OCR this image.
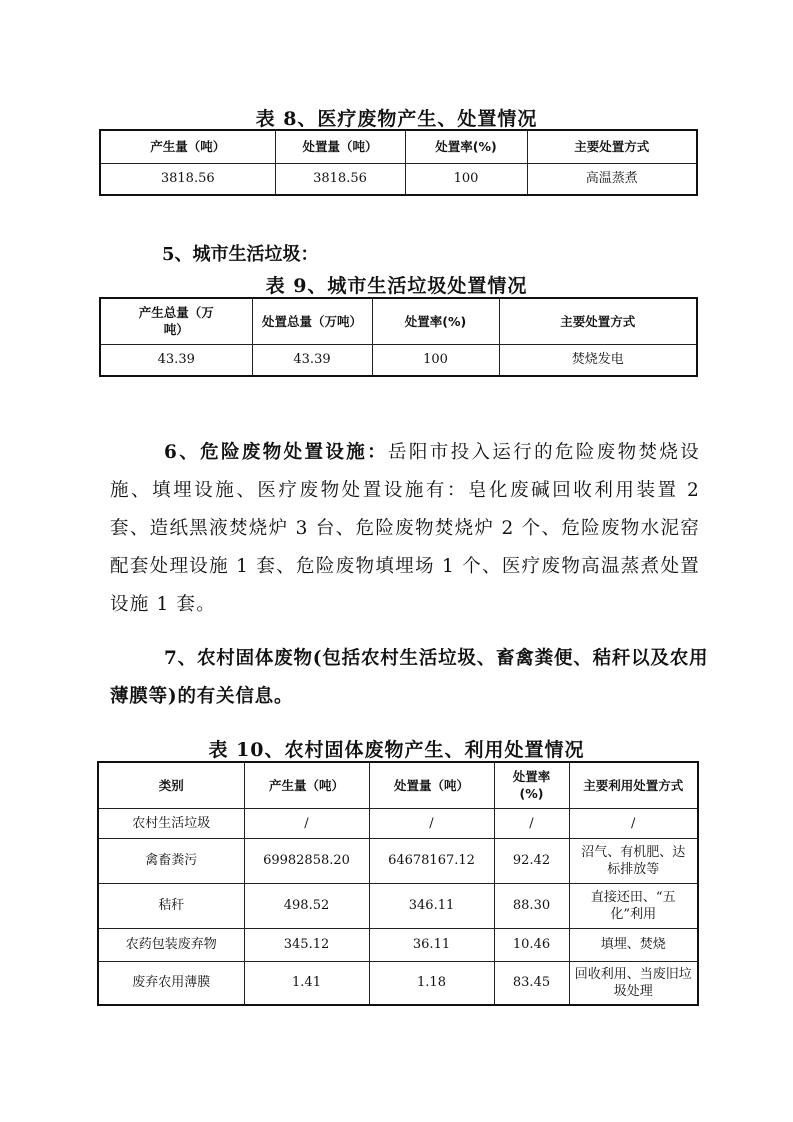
表 8、医疗废物产生、处置情况
产生量（吨）	处置量（吨）	处置率(%)	主要处置方式
3818.56	3818.56	100	高温蒸煮
5、城市生活垃圾：
表 9、城市生活垃圾处置情况
产生总量（万吨）	处置总量（万吨）	处置率(%)	主要处置方式
43.39	43.39	100	焚烧发电
6、危险废物处置设施：岳阳市投入运行的危险废物焚烧设施、填埋设施、医疗废物处置设施有：皂化废碱回收利用装置 2 套、造纸黑液焚烧炉 3 台、危险废物焚烧炉 2 个、危险废物水泥窑配套处理设施 1 套、危险废物填埋场 1 个、医疗废物高温蒸煮处置设施 1 套。
7、农村固体废物(包括农村生活垃圾、畜禽粪便、秸秆以及农用薄膜等)的有关信息。
表 10、农村固体废物产生、利用处置情况
类别	产生量（吨）	处置量（吨）	处置率(%)	主要利用处置方式
农村生活垃圾	/	/	/	/
禽畜粪污	69982858.20	64678167.12	92.42	沼气、有机肥、达标排放等
秸秆	498.52	346.11	88.30	直接还田、“五化”利用
农药包装废弃物	345.12	36.11	10.46	填埋、焚烧
废弃农用薄膜	1.41	1.18	83.45	回收利用、当废旧垃圾处理
